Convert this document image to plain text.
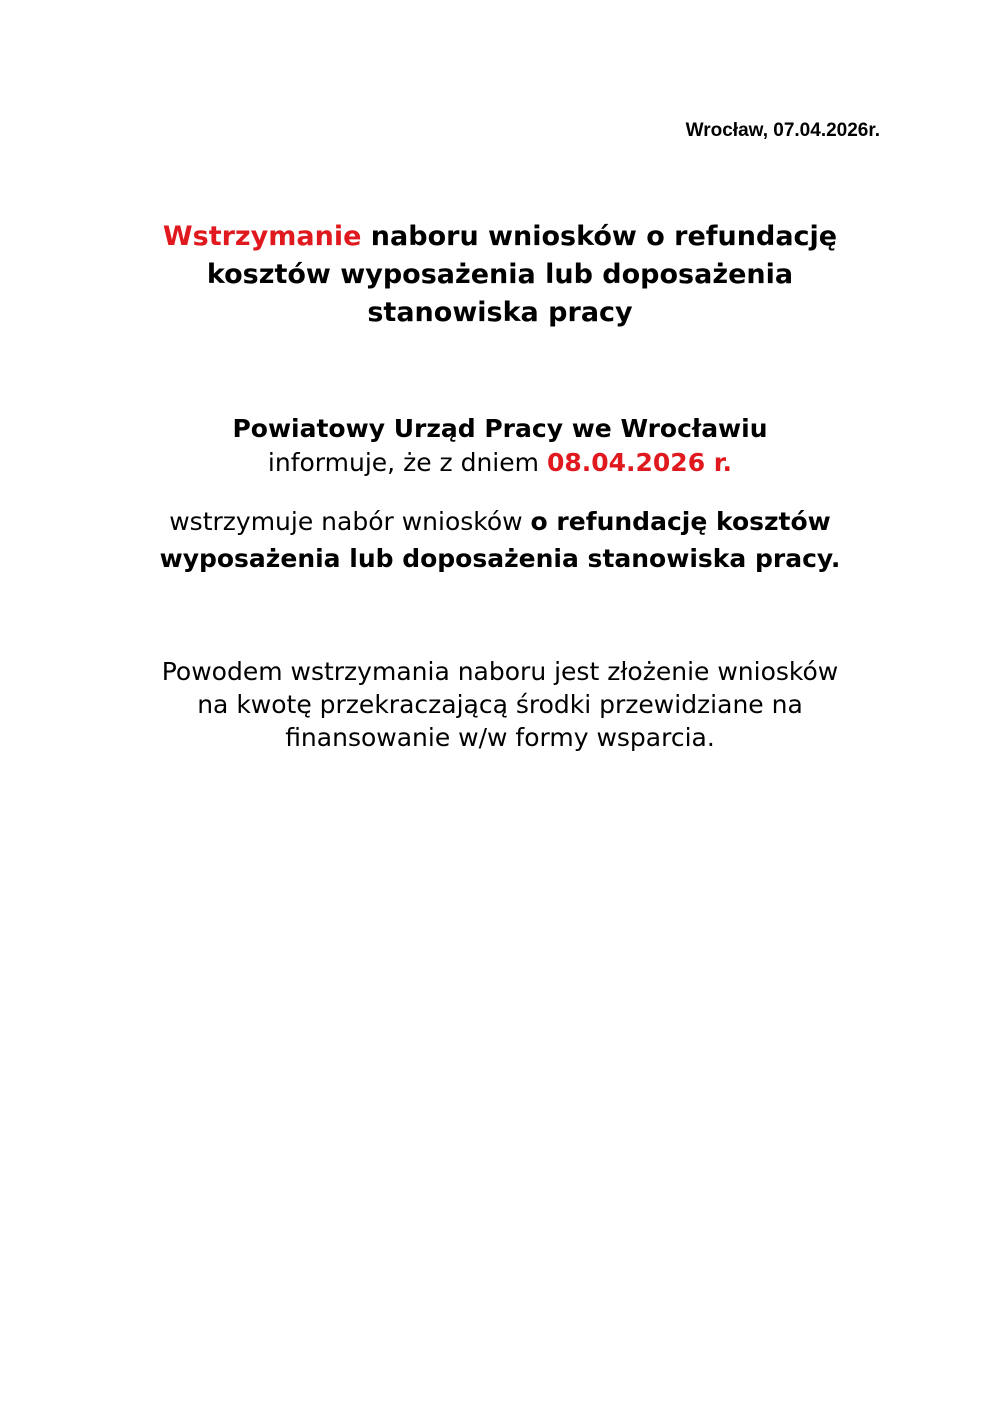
Wrocław, 07.04.2026r.
Wstrzymanie naboru wniosków o refundację
kosztów wyposażenia lub doposażenia
stanowiska pracy
Powiatowy Urząd Pracy we Wrocławiu
informuje, że z dniem 08.04.2026 r.
wstrzymuje nabór wniosków o refundację kosztów
wyposażenia lub doposażenia stanowiska pracy.
Powodem wstrzymania naboru jest złożenie wniosków
na kwotę przekraczającą środki przewidziane na
finansowanie w/w formy wsparcia.
